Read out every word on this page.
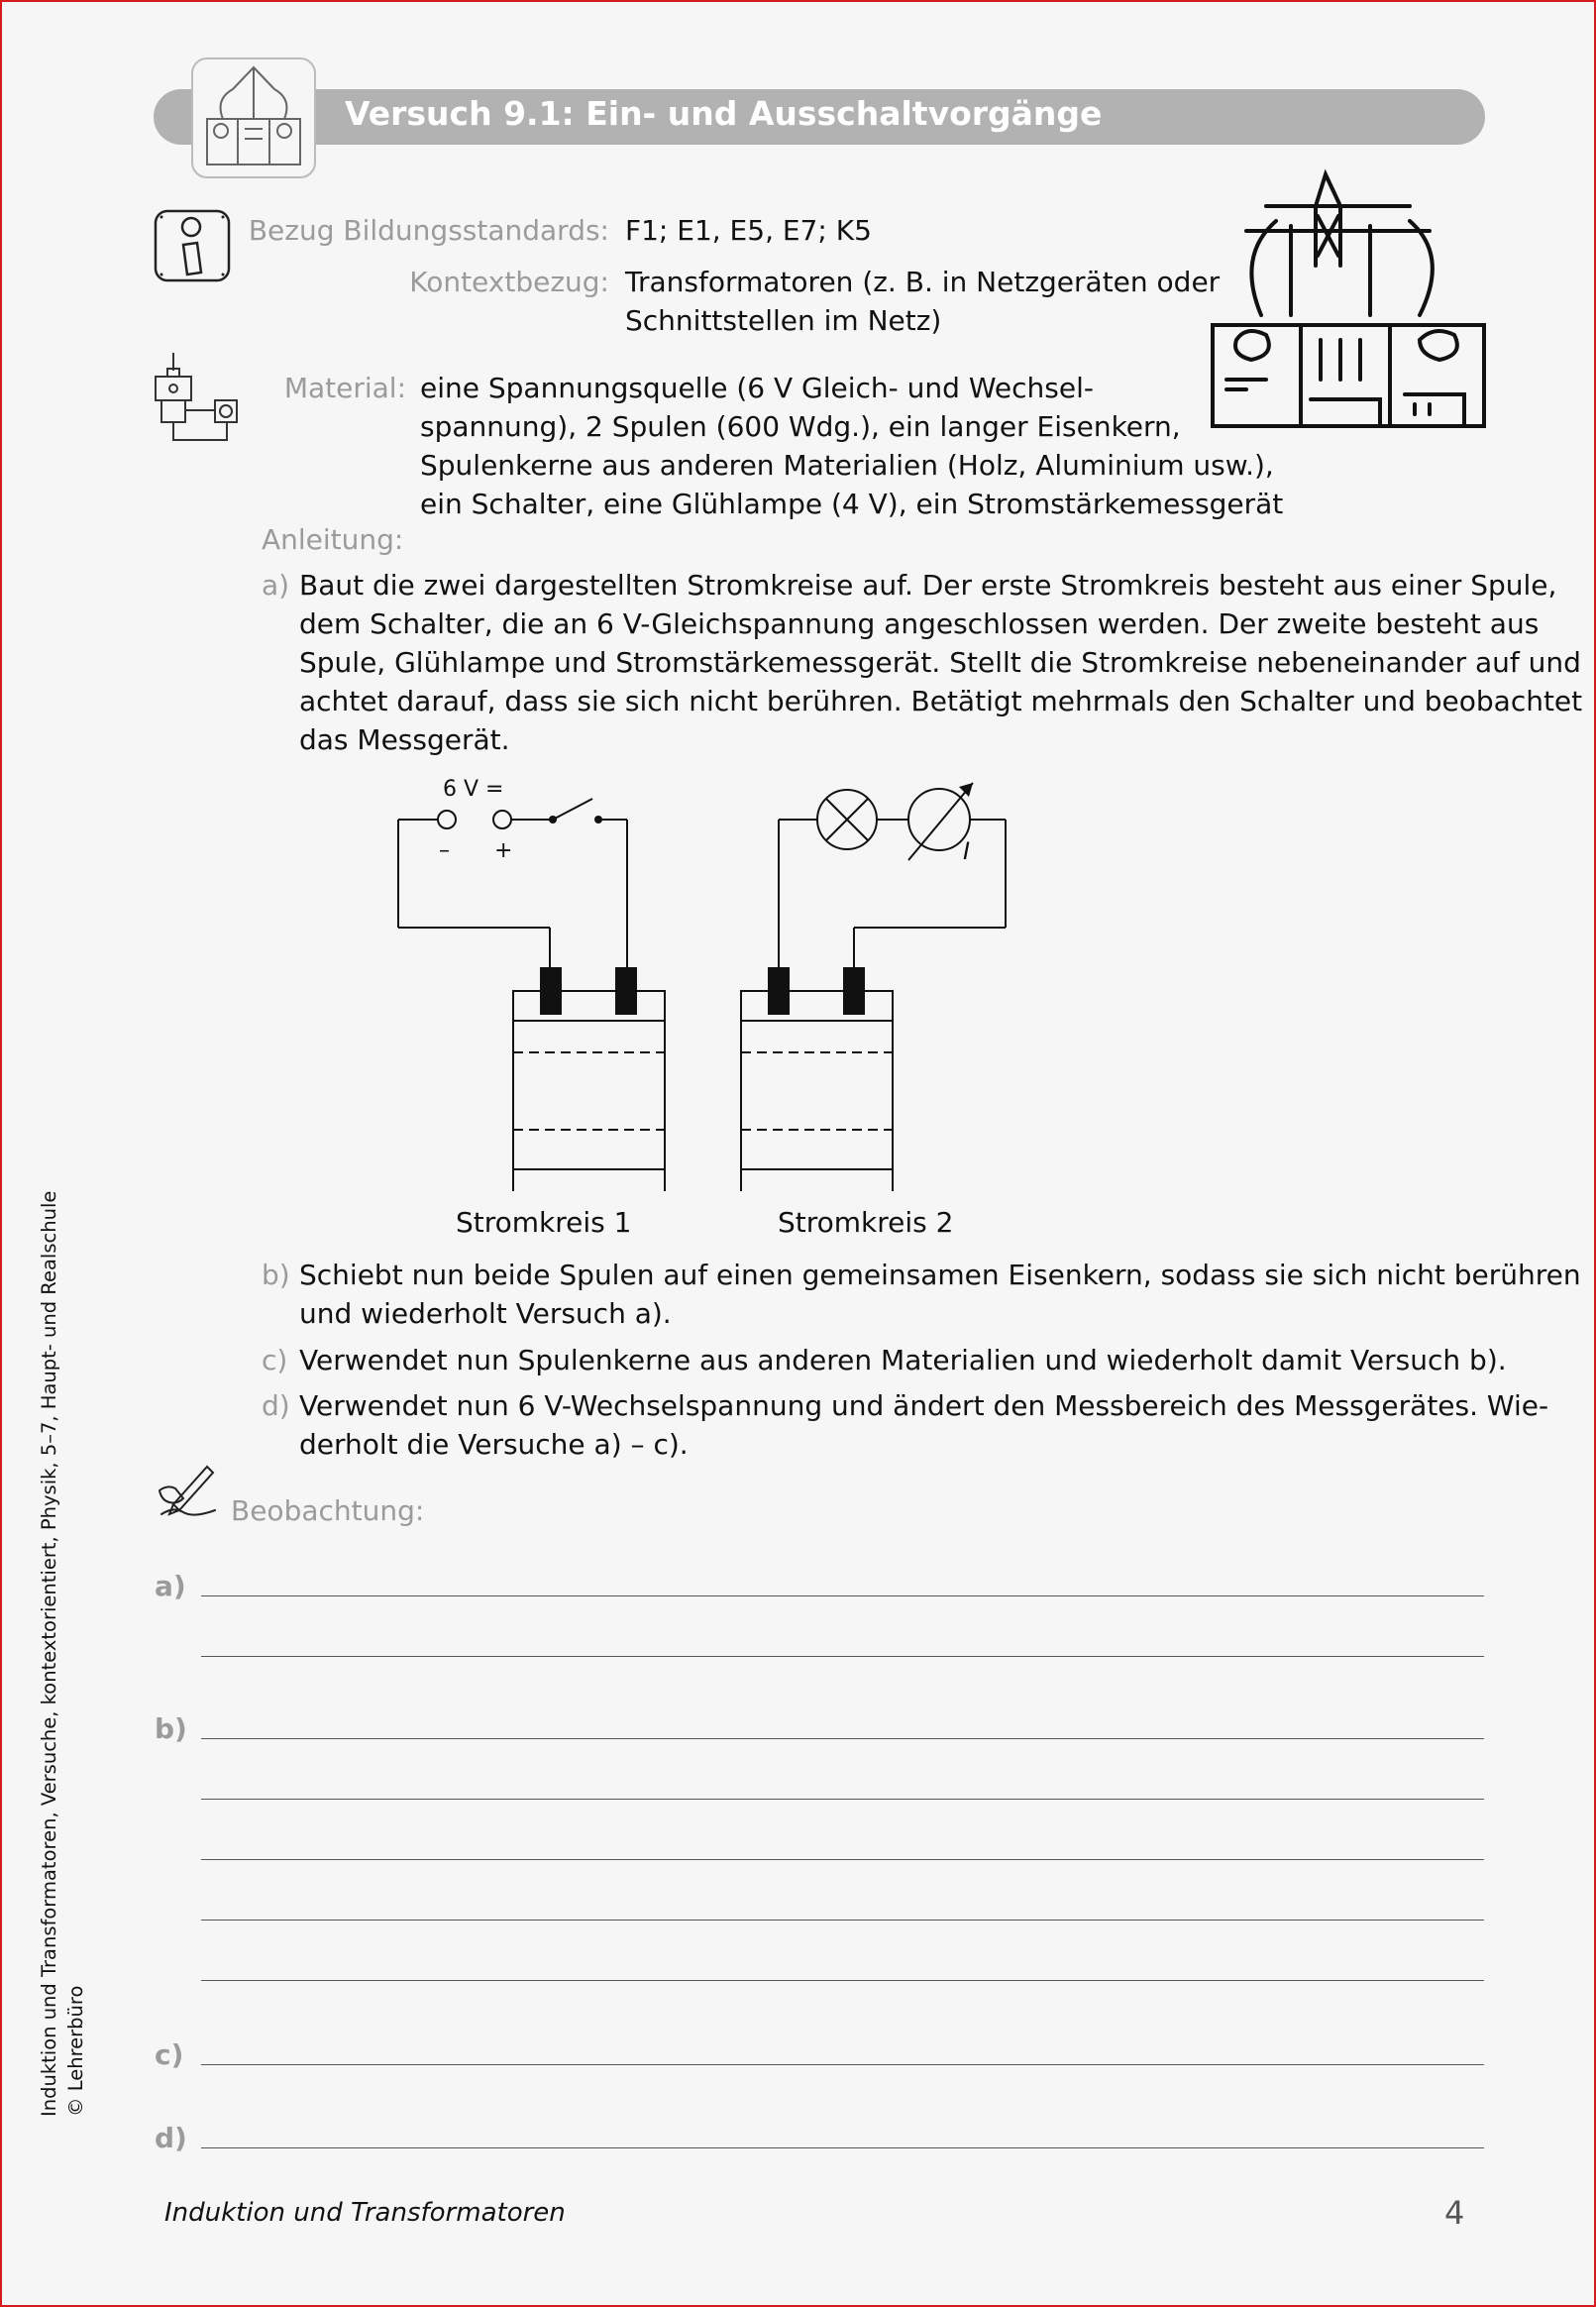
Versuch 9.1: Ein- und Ausschaltvorgänge
Bezug Bildungsstandards: F1; E1, E5, E7; K5
Kontextbezug: Transformatoren (z. B. in Netzgeräten oder
Schnittstellen im Netz)
Material: eine Spannungsquelle (6 V Gleich- und Wechsel-
spannung), 2 Spulen (600 Wdg.), ein langer Eisenkern,
Spulenkerne aus anderen Materialien (Holz, Aluminium usw.),
ein Schalter, eine Glühlampe (4 V), ein Stromstärkemessgerät
Anleitung:
a) Baut die zwei dargestellten Stromkreise auf. Der erste Stromkreis besteht aus einer Spule,
dem Schalter, die an 6 V-Gleichspannung angeschlossen werden. Der zweite besteht aus
Spule, Glühlampe und Stromstärkemessgerät. Stellt die Stromkreise nebeneinander auf und
achtet darauf, dass sie sich nicht berühren. Betätigt mehrmals den Schalter und beobachtet
das Messgerät.
6 V =
– +	I
Stromkreis 1	Stromkreis 2
b) Schiebt nun beide Spulen auf einen gemeinsamen Eisenkern, sodass sie sich nicht berühren
und wiederholt Versuch a).
c) Verwendet nun Spulenkerne aus anderen Materialien und wiederholt damit Versuch b).
d) Verwendet nun 6 V-Wechselspannung und ändert den Messbereich des Messgerätes. Wie-
derholt die Versuche a) – c).
Beobachtung:
a)
b)
c)
d)
Induktion und Transformatoren, Versuche, kontextorientiert, Physik, 5–7, Haupt- und Realschule © Lehrerbüro
Induktion und Transformatoren	4
